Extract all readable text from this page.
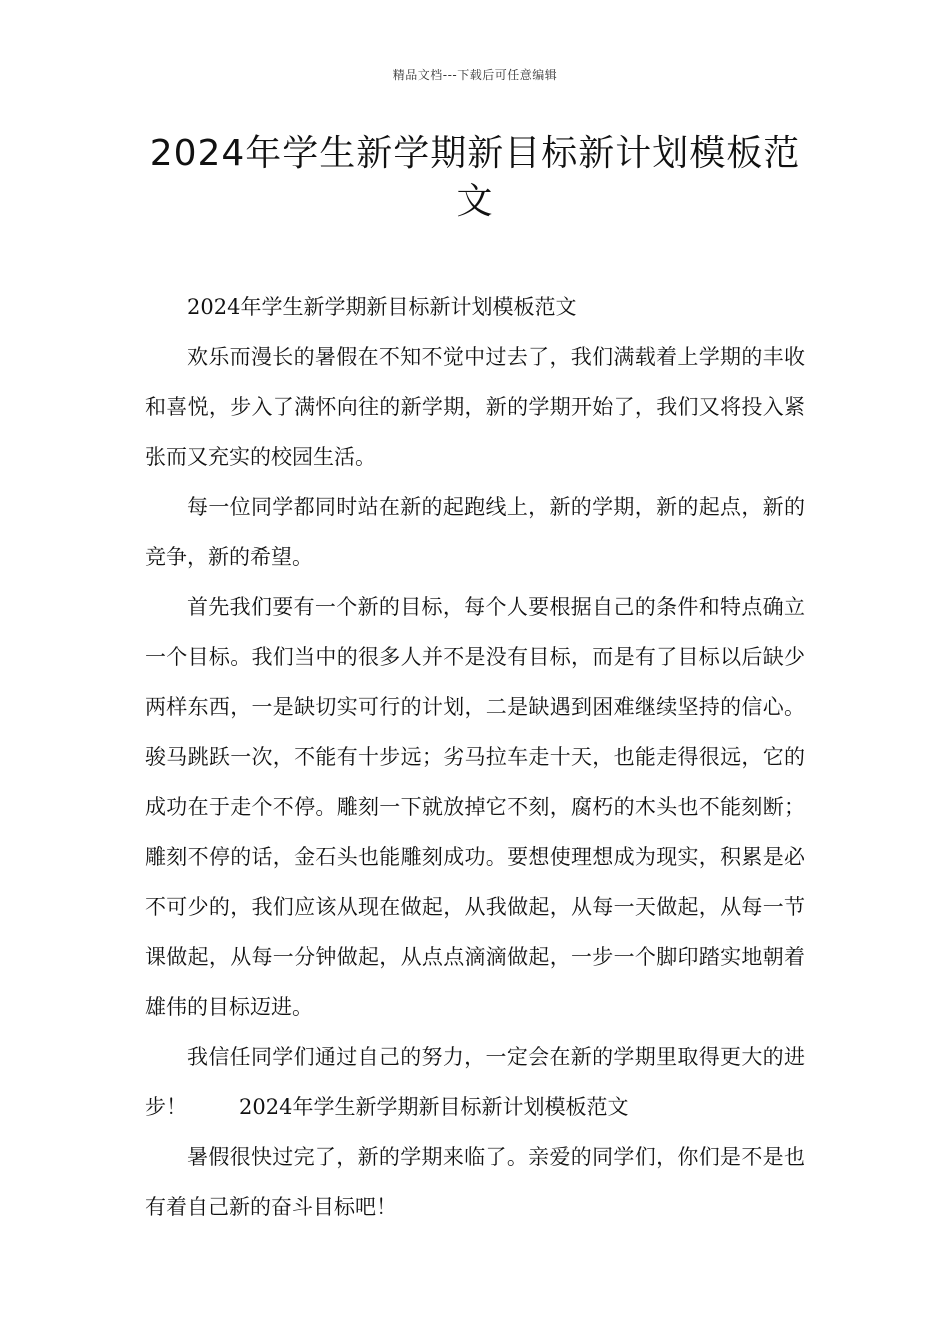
精品文档---下载后可任意编辑
2024年学生新学期新目标新计划模板范文

2024年学生新学期新目标新计划模板范文

欢乐而漫长的暑假在不知不觉中过去了，我们满载着上学期的丰收和喜悦，步入了满怀向往的新学期，新的学期开始了，我们又将投入紧张而又充实的校园生活。

每一位同学都同时站在新的起跑线上，新的学期，新的起点，新的竞争，新的希望。

首先我们要有一个新的目标，每个人要根据自己的条件和特点确立一个目标。我们当中的很多人并不是没有目标，而是有了目标以后缺少两样东西，一是缺切实可行的计划，二是缺遇到困难继续坚持的信心。骏马跳跃一次，不能有十步远；劣马拉车走十天，也能走得很远，它的成功在于走个不停。雕刻一下就放掉它不刻，腐朽的木头也不能刻断；雕刻不停的话，金石头也能雕刻成功。要想使理想成为现实，积累是必不可少的，我们应该从现在做起，从我做起，从每一天做起，从每一节课做起，从每一分钟做起，从点点滴滴做起，一步一个脚印踏实地朝着雄伟的目标迈进。

我信任同学们通过自己的努力，一定会在新的学期里取得更大的进步！ 2024年学生新学期新目标新计划模板范文

暑假很快过完了，新的学期来临了。亲爱的同学们，你们是不是也有着自己新的奋斗目标吧！
